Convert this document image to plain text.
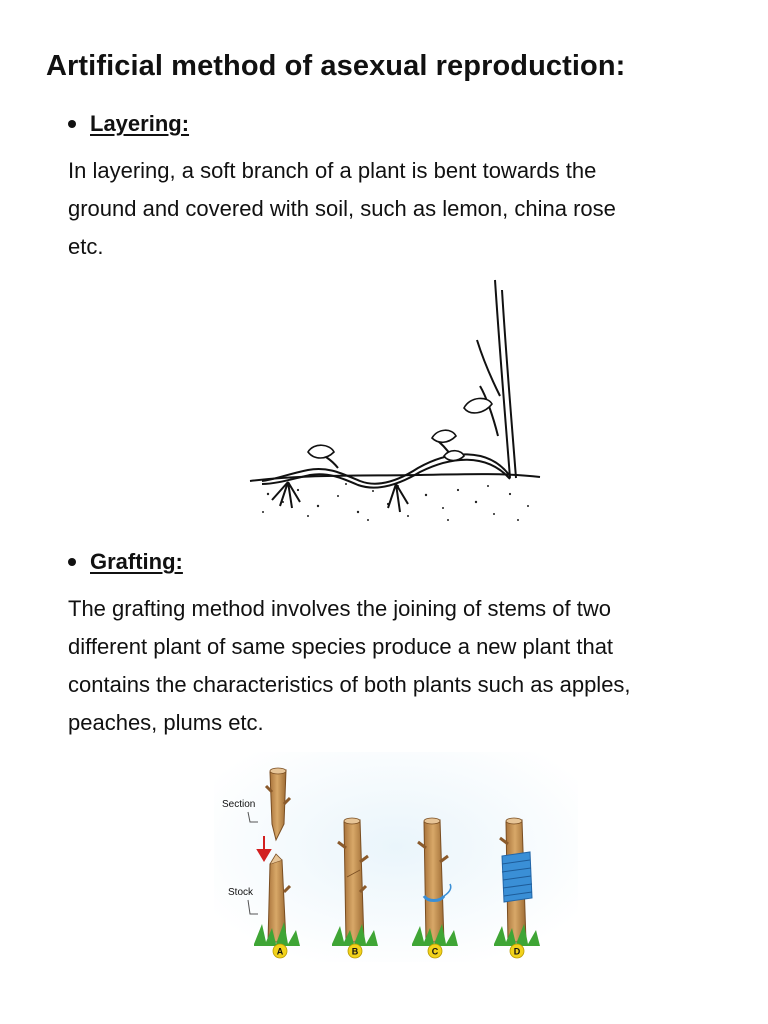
Artificial method of asexual reproduction:
Layering:

In layering, a soft branch of a plant is bent towards the
ground and covered with soil, such as lemon, china rose
etc.

Grafting:

The grafting method involves the joining of stems of two
different plant of same species produce a new plant that
contains the characteristics of both plants such as apples,
peaches, plums etc.

Section
Stock
A	B	C	D
